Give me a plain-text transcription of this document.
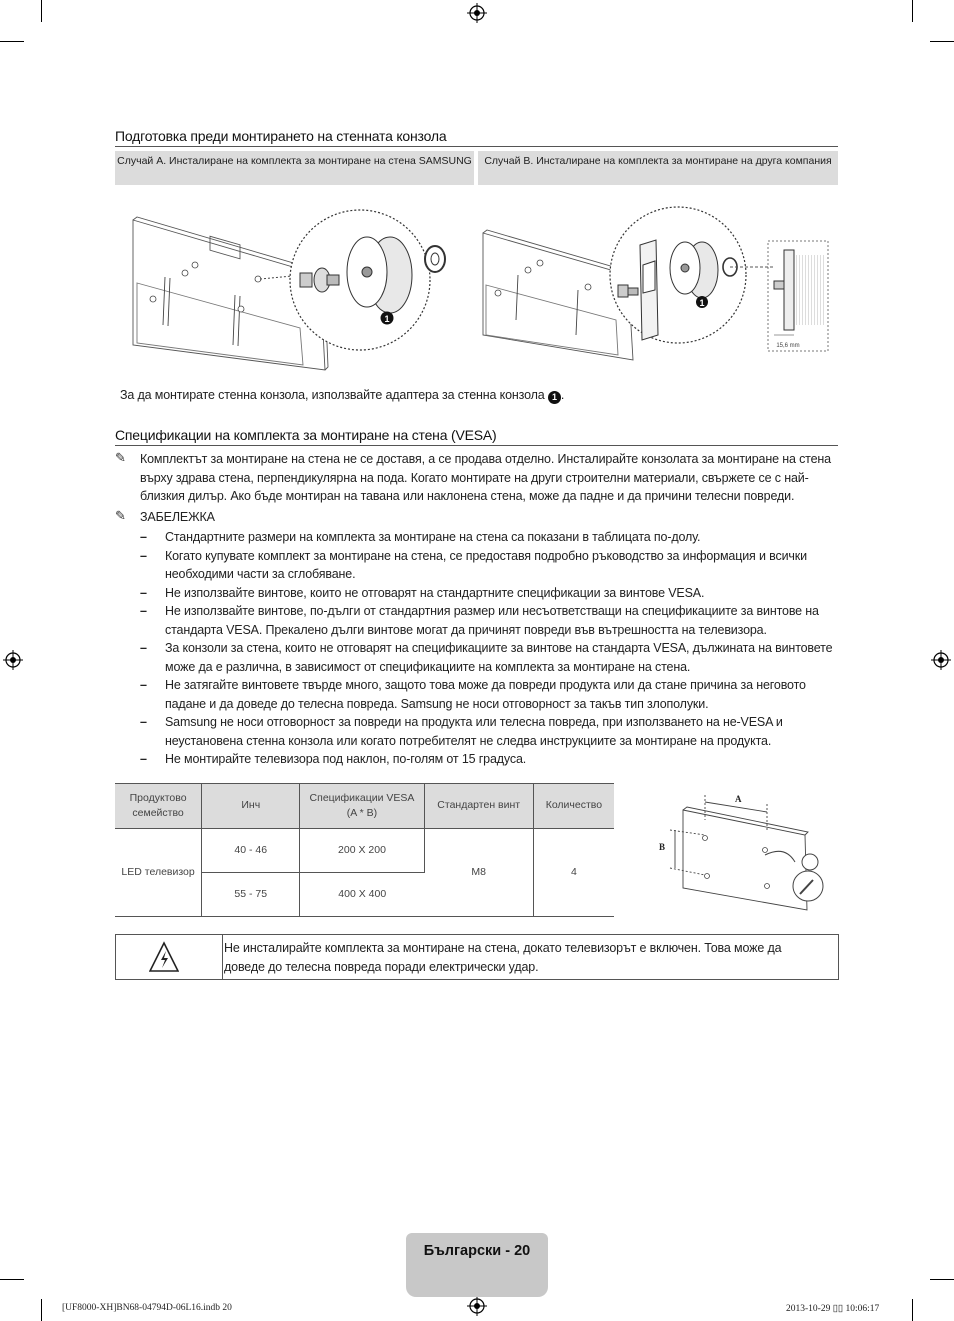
Подготовка преди монтирането на стенната конзола
Случай A. Инсталиране на комплекта за монтиране на стена SAMSUNG	Случай B. Инсталиране на комплекта за монтиране на друга компания
1
1
15,6 mm
За да монтирате стенна конзола, използвайте адаптера за стенна конзола 1 .
Спецификации на комплекта за монтиране на стена (VESA)
✎ Комплектът за монтиране на стена не се доставя, а се продава отделно. Инсталирайте конзолата за монтиране на стена върху здрава стена, перпендикулярна на пода. Когато монтирате на други строителни материали, свържете се с най-близкия дилър. Ако бъде монтиран на тавана или наклонена стена, може да падне и да причини телесни повреди.
✎ ЗАБЕЛЕЖКА
– Стандартните размери на комплекта за монтиране на стена са показани в таблицата по-долу.
– Когато купувате комплект за монтиране на стена, се предоставя подробно ръководство за информация и всички необходими части за сглобяване.
– Не използвайте винтове, които не отговарят на стандартните спецификации за винтове VESA.
– Не използвайте винтове, по-дълги от стандартния размер или несъответстващи на спецификациите за винтове на стандарта VESA. Прекалено дълги винтове могат да причинят повреди във вътрешността на телевизора.
– За конзоли за стена, които не отговарят на спецификациите за винтове на стандарта VESA, дължината на винтовете може да е различна, в зависимост от спецификациите на комплекта за монтиране на стена.
– Не затягайте винтовете твърде много, защото това може да повреди продукта или да стане причина за неговото падане и да доведе до телесна повреда. Samsung не носи отговорност за такъв тип злополуки.
– Samsung не носи отговорност за повреди на продукта или телесна повреда, при използването на не-VESA и неустановена стенна конзола или когато потребителят не следва инструкциите за монтиране на продукта.
– Не монтирайте телевизора под наклон, по-голям от 15 градуса.
Продуктово семейство	Инч	Спецификации VESA (A * B)	Стандартен винт	Количество
LED телевизор	40 - 46	200 X 200	M8	4
	55 - 75	400 X 400		
A
B
Не инсталирайте комплекта за монтиране на стена, докато телевизорът е включен. Това може да доведе до телесна повреда поради електрически удар.
Български - 20
[UF8000-XH]BN68-04794D-06L16.indb 20	2013-10-29 ▯▯ 10:06:17
